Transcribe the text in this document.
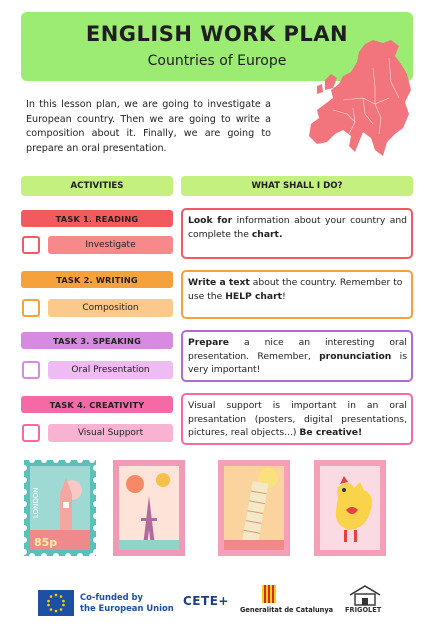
ENGLISH WORK PLAN
Countries of Europe
In this lesson plan, we are going to investigate a European country. Then we are going to write a composition about it. Finally, we are going to prepare an oral presentation.
ACTIVITIES	WHAT SHALL I DO?
TASK 1. READING
Investigate
Look for information about your country and complete the chart.
TASK 2. WRITING
Composition
Write a text about the country. Remember to use the HELP chart!
TASK 3. SPEAKING
Oral Presentation
Prepare a nice an interesting oral presentation. Remember, pronunciation is very important!
TASK 4. CREATIVITY
Visual Support
Visual support is important in an oral presantation (posters, digital presentations, pictures, real objects...) Be creative!
LONDON
85p
Co-funded by
the European Union CETE+
Generalitat de Catalunya FRIGOLET
